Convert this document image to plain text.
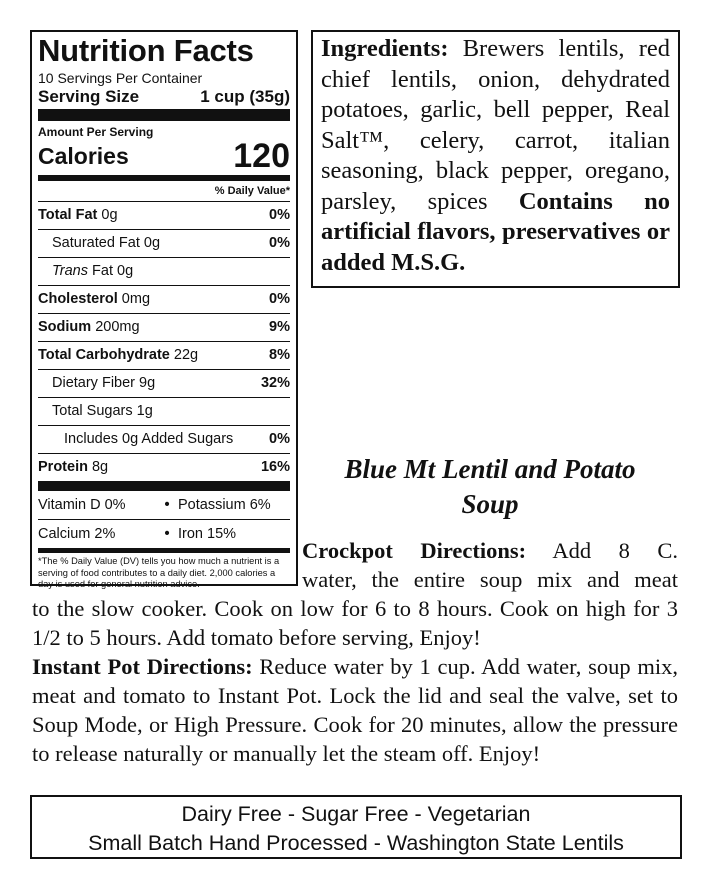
Nutrition Facts
10 Servings Per Container
Serving Size	1 cup (35g)
Amount Per Serving
Calories	120
% Daily Value*
Total Fat 0g	0%
Saturated Fat 0g	0%
Trans Fat 0g
Cholesterol 0mg	0%
Sodium 200mg	9%
Total Carbohydrate 22g	8%
Dietary Fiber 9g	32%
Total Sugars 1g
Includes 0g Added Sugars 0%
Protein 8g	16%
Vitamin D 0%	• Potassium 6%
Calcium 2%	• Iron 15%
*The % Daily Value (DV) tells you how much a nutrient is a serving of food contributes to a daily diet. 2,000 calories a day is used for general nutrition advice.
Ingredients: Brewers lentils, red chief lentils, onion, dehydrated potatoes, garlic, bell pepper, Real Salt™, celery, carrot, italian seasoning, black pepper, oregano, parsley, spices Contains no artificial flavors, preservatives or added M.S.G.
Blue Mt Lentil and Potato
Soup
Crockpot Directions: Add 8 C.
water, the entire soup mix and meat
to the slow cooker. Cook on low for 6 to 8 hours. Cook on high for 3 1/2 to 5 hours. Add tomato before serving, Enjoy!
Instant Pot Directions: Reduce water by 1 cup. Add water, soup mix, meat and tomato to Instant Pot. Lock the lid and seal the valve, set to Soup Mode, or High Pressure. Cook for 20 minutes, allow the pressure to release naturally or manually let the steam off. Enjoy!
Dairy Free - Sugar Free - Vegetarian
Small Batch Hand Processed - Washington State Lentils
